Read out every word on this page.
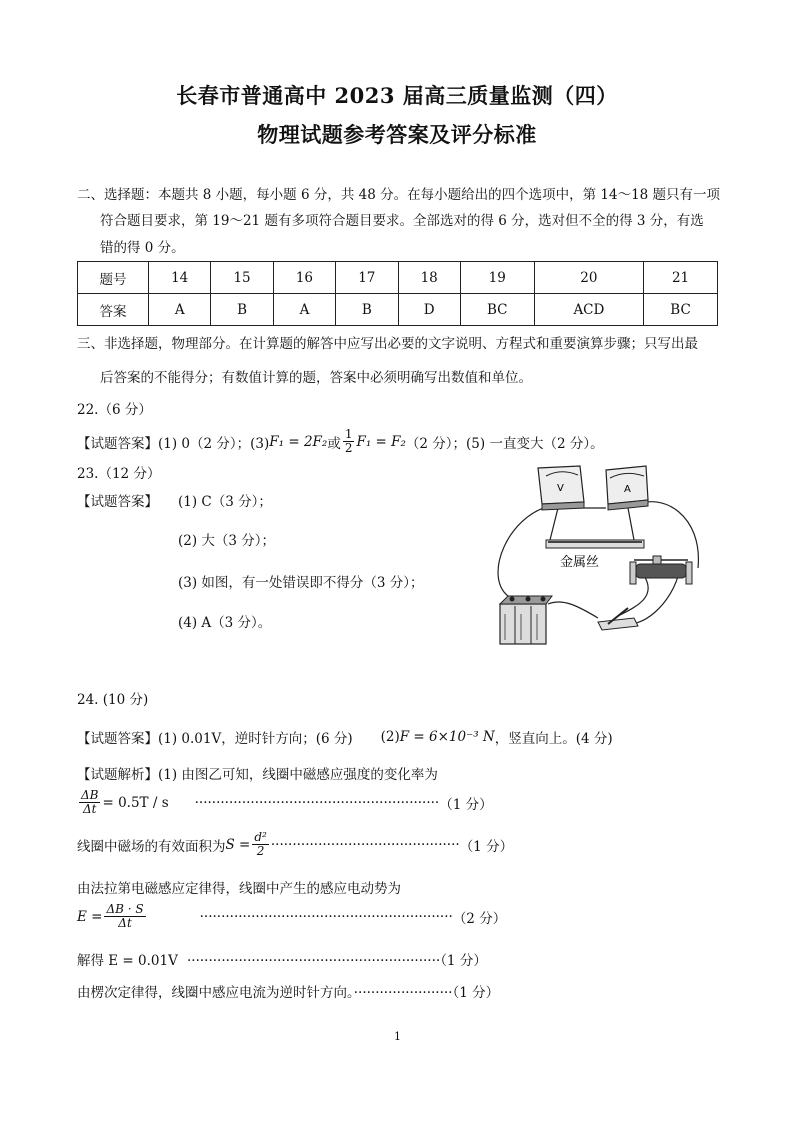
长春市普通高中 2023 届高三质量监测（四）
物理试题参考答案及评分标准
二、选择题：本题共 8 小题，每小题 6 分，共 48 分。在每小题给出的四个选项中，第 14～18 题只有一项
符合题目要求，第 19～21 题有多项符合题目要求。全部选对的得 6 分，选对但不全的得 3 分，有选
错的得 0 分。
题号	14	15	16	17	18	19	20	21
答案	A	B	A	B	D	BC	ACD	BC
三、非选择题，物理部分。在计算题的解答中应写出必要的文字说明、方程式和重要演算步骤；只写出最
后答案的不能得分；有数值计算的题，答案中必须明确写出数值和单位。
22.（6 分）
【试题答案】(1) 0（2 分）；(3) F₁ = 2F₂ 或 $\frac{1}{2} F_1 = F_2$ （2 分）；(5) 一直变大（2 分）。
23.（12 分）
【试题答案】 (1) C（3 分）；
(2) 大（3 分）；
(3) 如图，有一处错误即不得分（3 分）；
(4) A（3 分）。
V	A
金属丝
24. (10 分)
【试题答案】 (1) 0.01V，逆时针方向；(6 分) (2) F = 6×10⁻³ N ，竖直向上。(4 分)
【试题解析】(1) 由图乙可知，线圈中磁感应强度的变化率为
$\frac{\Delta B}{\Delta t} = 0.5T / s$ ························································· （1 分）
线圈中磁场的有效面积为 $S = \frac{\text{d²}}{2}$ ············································ （1 分）
由法拉第电磁感应定律得，线圈中产生的感应电动势为
$E = \frac{\Delta B \cdot S}{\Delta t}$	··························································· （2 分）
解得 E = 0.01V ···························································（1 分）
由楞次定律得，线圈中感应电流为逆时针方向。·······················（1 分）
1
